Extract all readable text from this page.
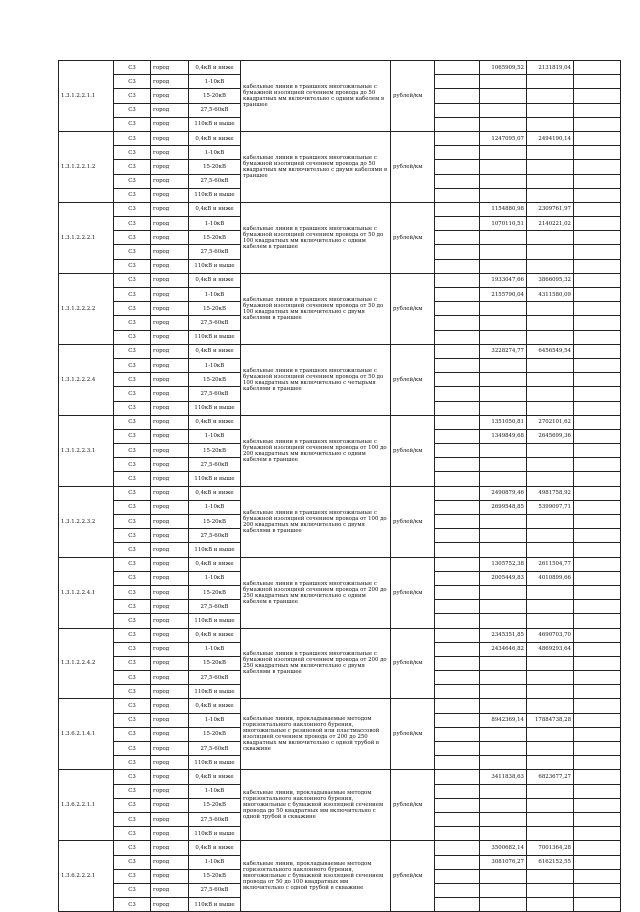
1.3.1.2.2.1.1	С3	город	0,4кВ и ниже	кабельные линии в траншеях многожильные с бумажной изоляцией сечением провода до 50 квадратных мм включительно с одним кабелем в траншее	рублей/км		1065909,52	2131819,04	
	С3	город	1-10кВ						
	С3	город	15-20кВ						
	С3	город	27,5-60кВ						
	С3	город	110кВ и выше						
1.3.1.2.2.1.2	С3	город	0,4кВ и ниже	кабельные линии в траншеях многожильные с бумажной изоляцией сечением провода до 50 квадратных мм включительно с двумя кабелями в траншее	рублей/км		1247095,07	2494190,14	
	С3	город	1-10кВ						
	С3	город	15-20кВ						
	С3	город	27,5-60кВ						
	С3	город	110кВ и выше						
1.3.1.2.2.2.1	С3	город	0,4кВ и ниже	кабельные линии в траншеях многожильные с бумажной изоляцией сечением провода от 50 до 100 квадратных мм включительно с одним кабелем в траншее	рублей/км		1154880,98	2309761,97	
	С3	город	1-10кВ				1070110,51	2140221,02	
	С3	город	15-20кВ						
	С3	город	27,5-60кВ						
	С3	город	110кВ и выше						
1.3.1.2.2.2.2	С3	город	0,4кВ и ниже	кабельные линии в траншеях многожильные с бумажной изоляцией сечением провода от 50 до 100 квадратных мм включительно с двумя кабелями в траншее	рублей/км		1933047,66	3866095,32	
	С3	город	1-10кВ				2155790,04	4311580,09	
	С3	город	15-20кВ						
	С3	город	27,5-60кВ						
	С3	город	110кВ и выше						
1.3.1.2.2.2.4	С3	город	0,4кВ и ниже	кабельные линии в траншеях многожильные с бумажной изоляцией сечением провода от 50 до 100 квадратных мм включительно с четырьмя кабелями в траншее	рублей/км		3228274,77	6456549,54	
	С3	город	1-10кВ						
	С3	город	15-20кВ						
	С3	город	27,5-60кВ						
	С3	город	110кВ и выше						
1.3.1.2.2.3.1	С3	город	0,4кВ и ниже	кабельные линии в траншеях многожильные с бумажной изоляцией сечением провода от 100 до 200 квадратных мм включительно с одним кабелем в траншее	рублей/км		1351050,81	2702101,62	
	С3	город	1-10кВ				1349849,68	2645699,36	
	С3	город	15-20кВ						
	С3	город	27,5-60кВ						
	С3	город	110кВ и выше						
1.3.1.2.2.3.2	С3	город	0,4кВ и ниже	кабельные линии в траншеях многожильные с бумажной изоляцией сечением провода от 100 до 200 квадратных мм включительно с двумя кабелями в траншее	рублей/км		2490879,46	4981758,92	
	С3	город	1-10кВ				2699548,85	5399097,71	
	С3	город	15-20кВ						
	С3	город	27,5-60кВ						
	С3	город	110кВ и выше						
1.3.1.2.2.4.1	С3	город	0,4кВ и ниже	кабельные линии в траншеях многожильные с бумажной изоляцией сечением провода от 200 до 250 квадратных мм включительно с одним кабелем в траншее	рублей/км		1305752,38	2611504,77	
	С3	город	1-10кВ				2005449,83	4010899,66	
	С3	город	15-20кВ						
	С3	город	27,5-60кВ						
	С3	город	110кВ и выше						
1.3.1.2.2.4.2	С3	город	0,4кВ и ниже	кабельные линии в траншеях многожильные с бумажной изоляцией сечением провода от 200 до 250 квадратных мм включительно с двумя кабелями в траншее	рублей/км		2345351,85	4690703,70	
	С3	город	1-10кВ				2434646,82	4869293,64	
	С3	город	15-20кВ						
	С3	город	27,5-60кВ						
	С3	город	110кВ и выше						
1.3.6.2.1.4.1	С3	город	0,4кВ и ниже	кабельные линии, прокладываемые методом горизонтального наклонного бурения, многожильные с резиновой или пластмассовой изоляцией сечением провода от 200 до 250 квадратных мм включительно с одной трубой в скважине	рублей/км				
	С3	город	1-10кВ				8942369,14	17884738,28	
	С3	город	15-20кВ						
	С3	город	27,5-60кВ						
	С3	город	110кВ и выше						
1.3.6.2.2.1.1	С3	город	0,4кВ и ниже	кабельные линии, прокладываемые методом горизонтального наклонного бурения, многожильные с бумажной изоляцией сечением провода до 50 квадратных мм включительно с одной трубой в скважине	рублей/км		3411838,63	6823677,27	
	С3	город	1-10кВ						
	С3	город	15-20кВ						
	С3	город	27,5-60кВ						
	С3	город	110кВ и выше						
1.3.6.2.2.2.1	С3	город	0,4кВ и ниже	кабельные линии, прокладываемые методом горизонтального наклонного бурения, многожильные с бумажной изоляцией сечением провода от 50 до 100 квадратных мм включительно с одной трубой в скважине	рублей/км		3500682,14	7001364,28	
	С3	город	1-10кВ				3081076,27	6162152,55	
	С3	город	15-20кВ						
	С3	город	27,5-60кВ						
	С3	город	110кВ и выше						
